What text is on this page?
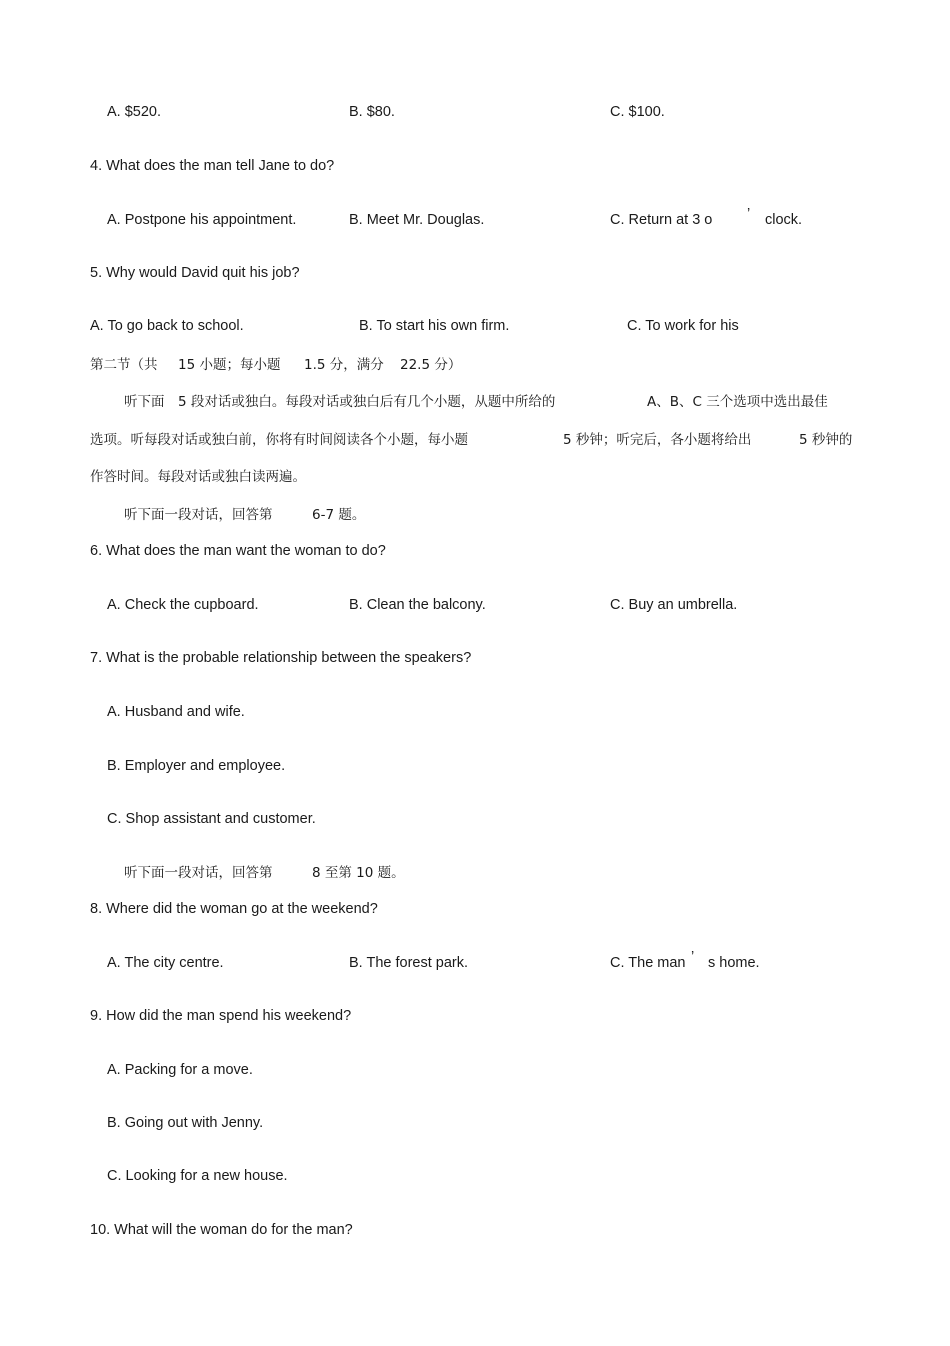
A. $520.	B. $80.	C. $100.
4. What does the man tell Jane to do?
A. Postpone his appointment.	B. Meet Mr. Douglas.	C. Return at 3 o ’ clock.
5. Why would David quit his job?
A. To go back to school.	B. To start his own firm.	C. To work for his
第二节（共 15 小题；每小题 1.5 分，满分 22.5 分）
听下面 5 段对话或独白。每段对话或独白后有几个小题，从题中所给的	A、B、C 三个选项中选出最佳
选项。听每段对话或独白前，你将有时间阅读各个小题，每小题	5 秒钟；听完后，各小题将给出	5 秒钟的
作答时间。每段对话或独白读两遍。
听下面一段对话，回答第	6-7 题。
6. What does the man want the woman to do?
A. Check the cupboard.	B. Clean the balcony.	C. Buy an umbrella.
7. What is the probable relationship between the speakers?
A. Husband and wife.
B. Employer and employee.
C. Shop assistant and customer.
听下面一段对话，回答第	8 至第 10 题。
8. Where did the woman go at the weekend?
A. The city centre.	B. The forest park.	C. The man ’ s home.
9. How did the man spend his weekend?
A. Packing for a move.
B. Going out with Jenny.
C. Looking for a new house.
10. What will the woman do for the man?
